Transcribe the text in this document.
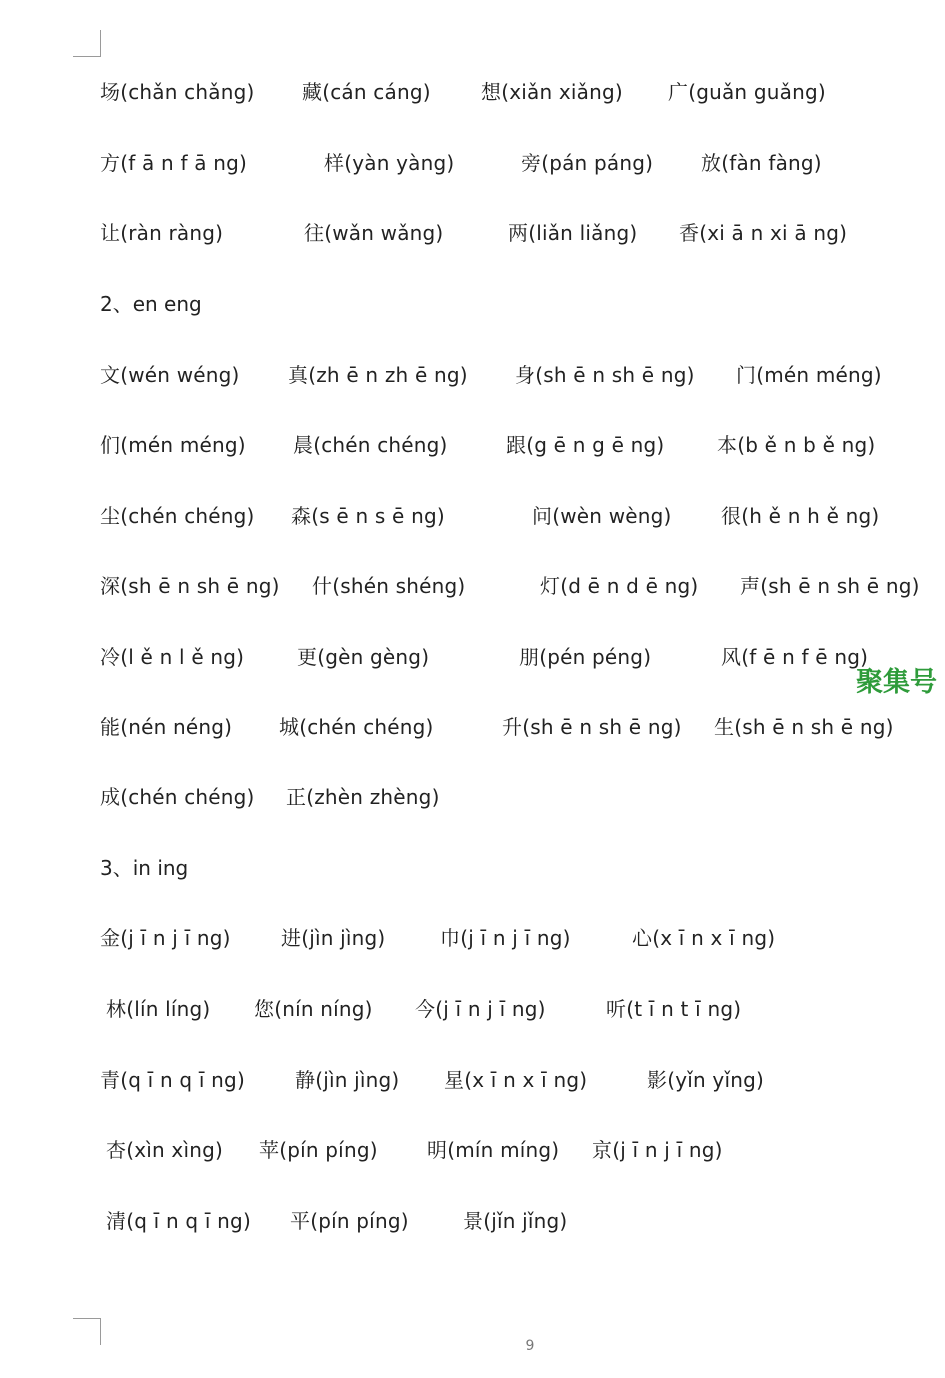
场(chǎn chǎng) 藏(cán cáng)	想(xiǎn xiǎng) 广(guǎn guǎng)
方(f ā n f ā ng)	样(yàn yàng)	旁(pán páng) 放(fàn fàng)
让(ràn ràng)	往(wǎn wǎng)	两(liǎn liǎng) 香(xi ā n xi ā ng)
2、en eng
文(wén wéng) 真(zh ē n zh ē ng) 身(sh ē n sh ē ng) 门(mén méng)
们(mén méng) 晨(chén chéng)	跟(g ē n g ē ng)	本(b ě n b ě ng)
尘(chén chéng) 森(s ē n s ē ng)	问(wèn wèng) 很(h ě n h ě ng)
深(sh ē n sh ē ng) 什(shén shéng)	灯(d ē n d ē ng) 声(sh ē n sh ē ng)
冷(l ě n l ě ng)	更(gèn gèng)	朋(pén péng)	风(f ē n f ē ng)
能(nén néng) 城(chén chéng)	升(sh ē n sh ē ng) 生(sh ē n sh ē ng)
成(chén chéng) 正(zhèn zhèng)
3、in ing
金(j ī n j ī ng)	进(jìn jìng)	巾(j ī n j ī ng)	心(x ī n x ī ng)
林(lín líng) 您(nín níng) 今(j ī n j ī ng)	听(t ī n t ī ng)
青(q ī n q ī ng)	静(jìn jìng) 星(x ī n x ī ng)	影(yǐn yǐng)
杏(xìn xìng) 苹(pín píng) 明(mín míng) 京(j ī n j ī ng)
清(q ī n q ī ng) 平(pín píng)	景(jǐn jǐng)
聚集号
9
